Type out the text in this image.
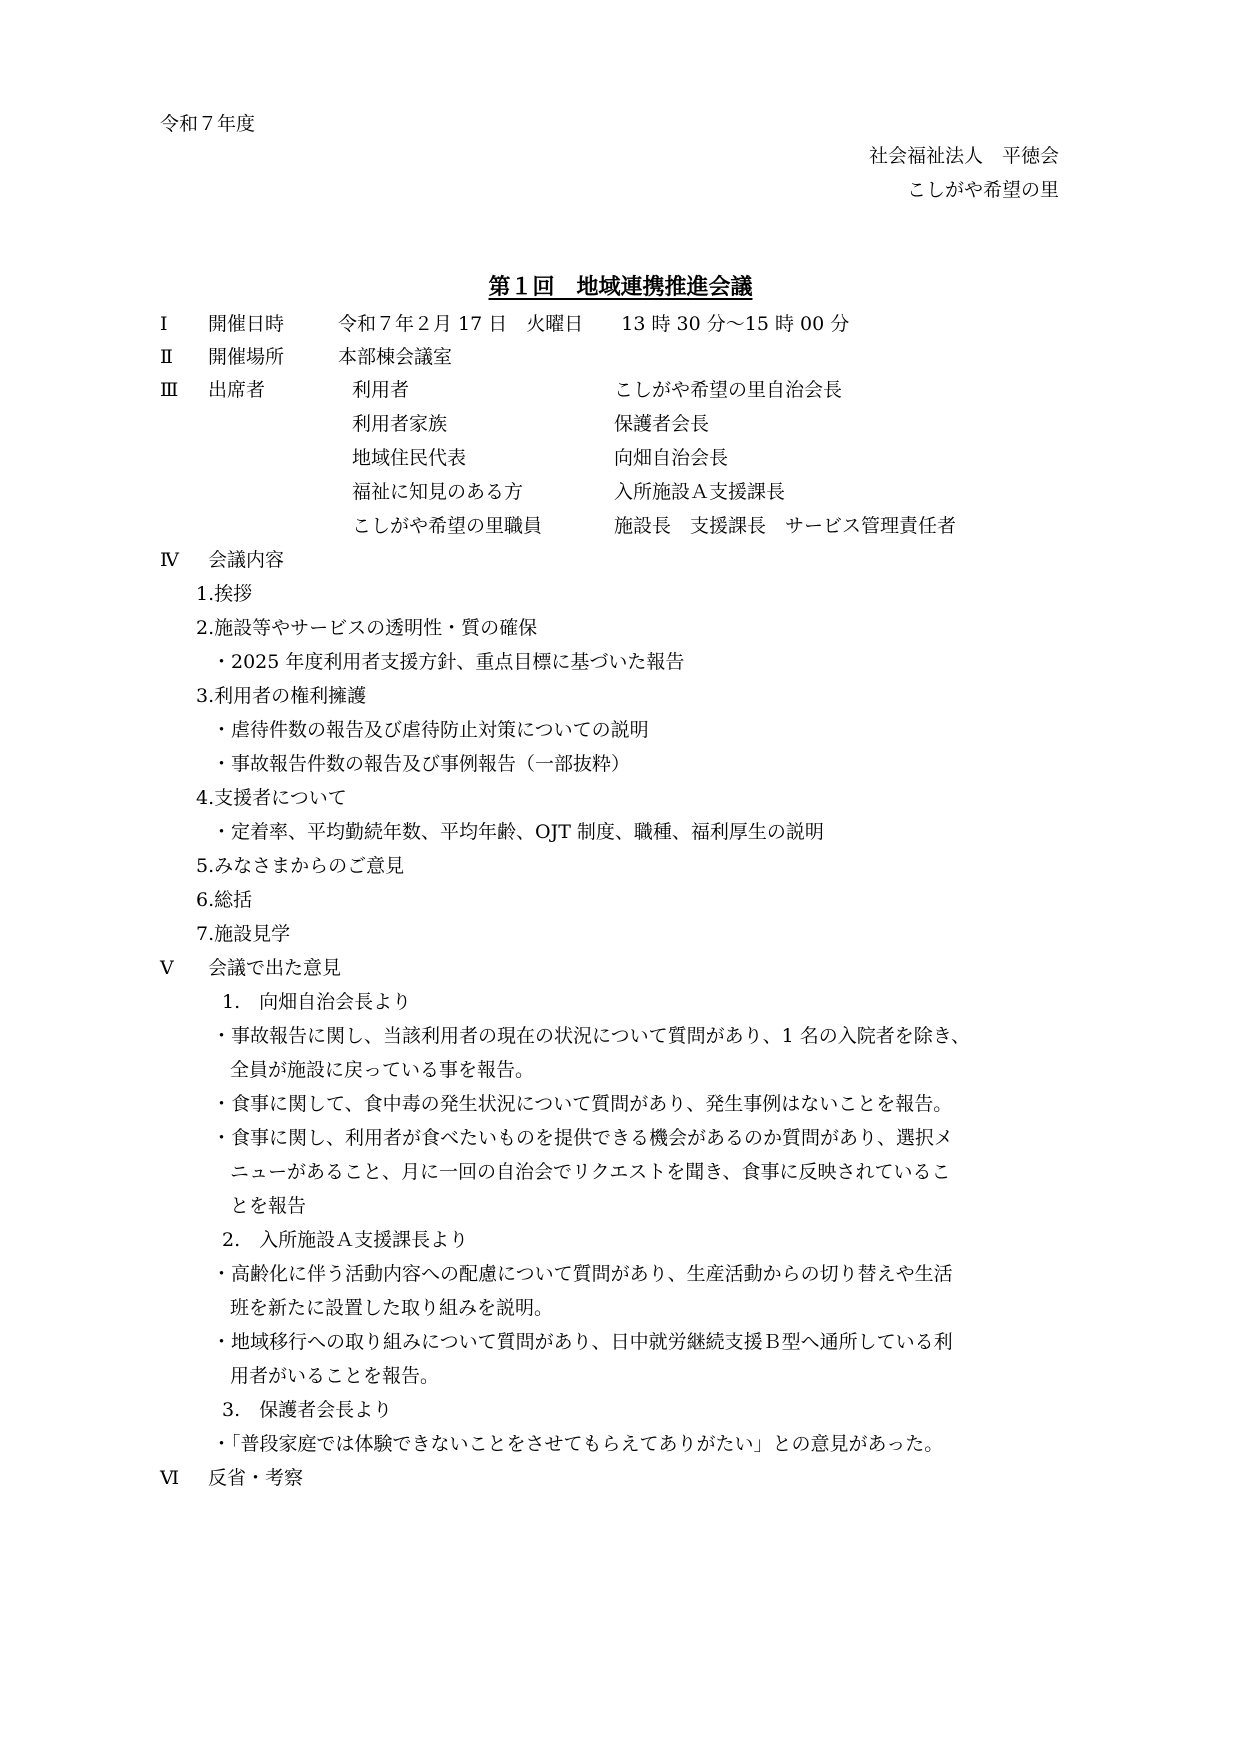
令和７年度
社会福祉法人　平徳会
こしがや希望の里
第１回　地域連携推進会議
Ⅰ 開催日時	令和７年２月 17 日　火曜日　　13 時 30 分～15 時 00 分
Ⅱ 開催場所	本部棟会議室
Ⅲ 出席者	利用者	こしがや希望の里自治会長
利用者家族	保護者会長
地域住民代表	向畑自治会長
福祉に知見のある方	入所施設Ａ支援課長
こしがや希望の里職員	施設長　支援課長　サービス管理責任者
Ⅳ 会議内容
1.挨拶
2.施設等やサービスの透明性・質の確保
・2025 年度利用者支援方針、重点目標に基づいた報告
3.利用者の権利擁護
・虐待件数の報告及び虐待防止対策についての説明
・事故報告件数の報告及び事例報告（一部抜粋）
4.支援者について
・定着率、平均勤続年数、平均年齢、OJT 制度、職種、福利厚生の説明
5.みなさまからのご意見
6.総括
7.施設見学
Ⅴ 会議で出た意見
1.　向畑自治会長より
・事故報告に関し、当該利用者の現在の状況について質問があり、1 名の入院者を除き、
全員が施設に戻っている事を報告。
・食事に関して、食中毒の発生状況について質問があり、発生事例はないことを報告。
・食事に関し、利用者が食べたいものを提供できる機会があるのか質問があり、選択メ
ニューがあること、月に一回の自治会でリクエストを聞き、食事に反映されているこ
とを報告
2.　入所施設Ａ支援課長より
・高齢化に伴う活動内容への配慮について質問があり、生産活動からの切り替えや生活
班を新たに設置した取り組みを説明。
・地域移行への取り組みについて質問があり、日中就労継続支援Ｂ型へ通所している利
用者がいることを報告。
3.　保護者会長より
・「普段家庭では体験できないことをさせてもらえてありがたい」との意見があった。
Ⅵ 反省・考察
